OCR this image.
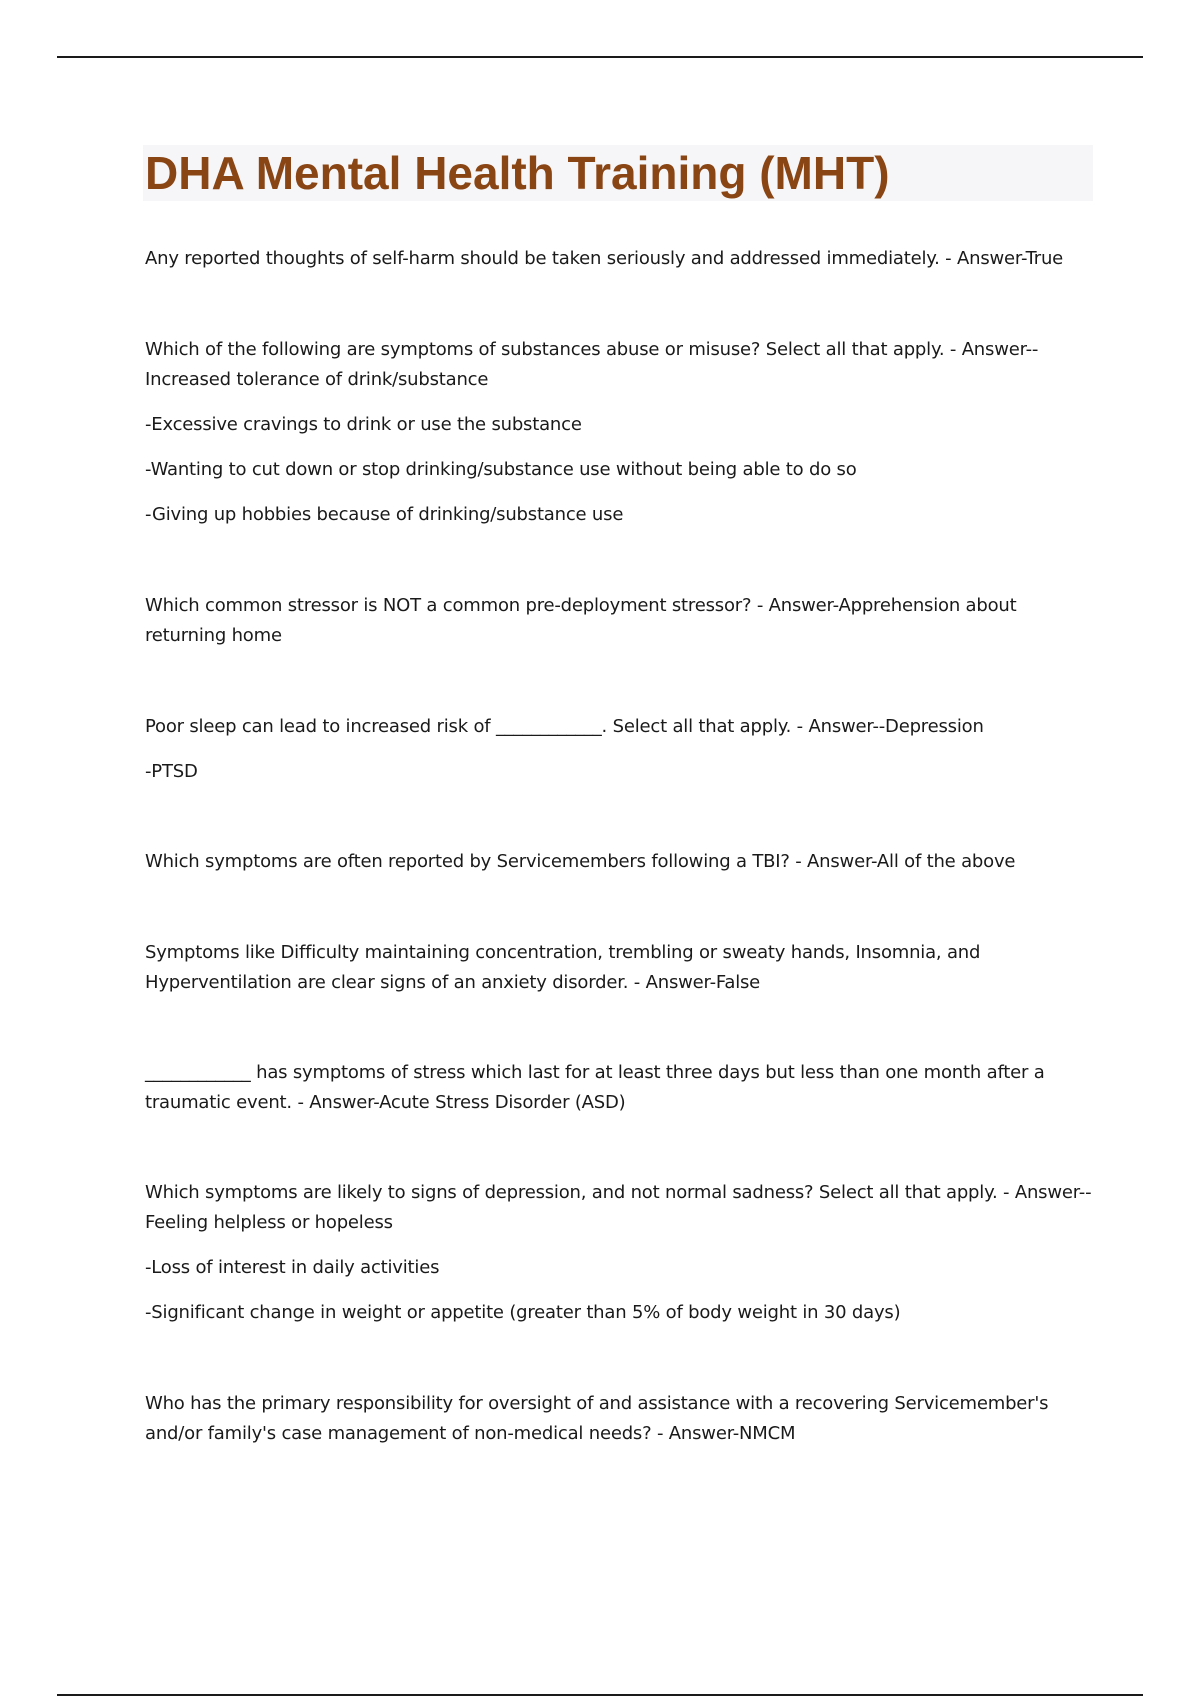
DHA Mental Health Training (MHT)

Any reported thoughts of self-harm should be taken seriously and addressed immediately. - Answer-True

Which of the following are symptoms of substances abuse or misuse? Select all that apply. - Answer--Increased tolerance of drink/substance

-Excessive cravings to drink or use the substance

-Wanting to cut down or stop drinking/substance use without being able to do so

-Giving up hobbies because of drinking/substance use

Which common stressor is NOT a common pre-deployment stressor? - Answer-Apprehension about returning home

Poor sleep can lead to increased risk of ____________. Select all that apply. - Answer--Depression

-PTSD

Which symptoms are often reported by Servicemembers following a TBI? - Answer-All of the above

Symptoms like Difficulty maintaining concentration, trembling or sweaty hands, Insomnia, and Hyperventilation are clear signs of an anxiety disorder. - Answer-False

____________ has symptoms of stress which last for at least three days but less than one month after a traumatic event. - Answer-Acute Stress Disorder (ASD)

Which symptoms are likely to signs of depression, and not normal sadness? Select all that apply. - Answer--Feeling helpless or hopeless

-Loss of interest in daily activities

-Significant change in weight or appetite (greater than 5% of body weight in 30 days)

Who has the primary responsibility for oversight of and assistance with a recovering Servicemember's and/or family's case management of non-medical needs? - Answer-NMCM
